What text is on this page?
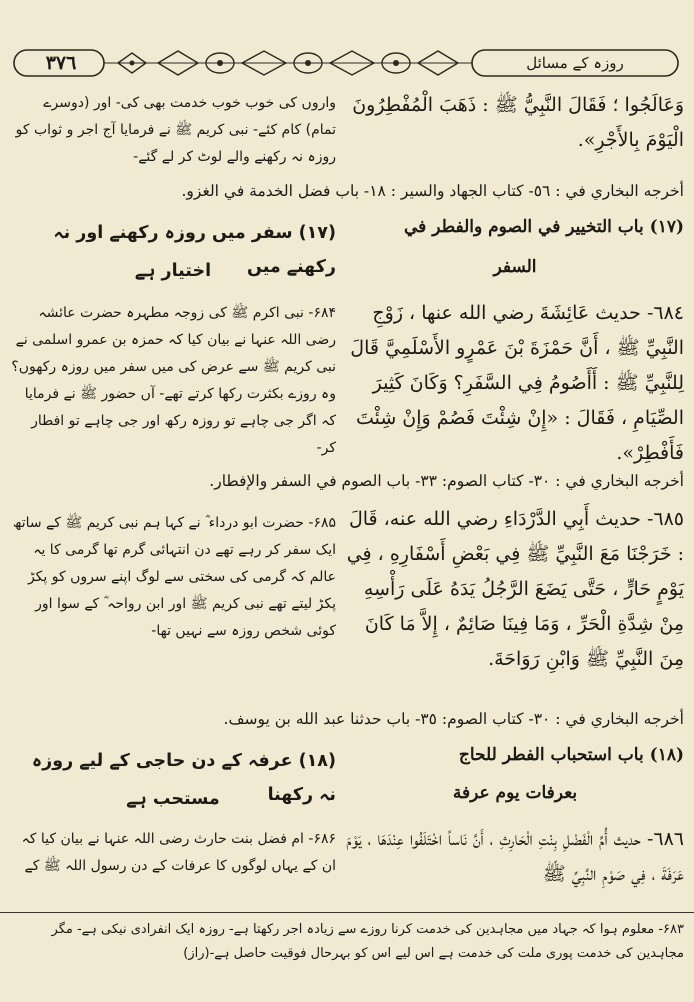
٣٧٦	روزہ کے مسائل
وَعَالَجُوا ؛ فَقَالَ النَّبِيُّ ﷺ : ذَهَبَ الْمُفْطِرُونَ الْيَوْمَ بِالأَجْرِ».
واروں کی خوب خوب خدمت بھی کی- اور (دوسرے تمام) کام کئے- نبی کریم ﷺ نے فرمایا آج اجر و ثواب کو روزہ نہ رکھنے والے لوٹ کر لے گئے-
أخرجه البخاري في : ٥٦- كتاب الجهاد والسير : ١٨- باب فضل الخدمة في الغزو.
(١٧) باب التخيير في الصوم والفطر في
السفر
(۱۷) سفر میں روزہ رکھنے اور نہ رکھنے میں
اختیار ہے
٦٨٤- حديث عَائِشَةَ رضي الله عنها ، زَوْجِ النَّبِيِّ ﷺ ، أَنَّ حَمْزَةَ بْنَ عَمْرٍو الأَسْلَمِيَّ قَالَ لِلنَّبِيِّ ﷺ : أَأَصُومُ فِي السَّفَرِ؟ وَكَانَ كَثِيرَ الصِّيَامِ ، فَقَالَ : «إِنْ شِئْتَ فَصُمْ وَإِنْ شِئْتَ فَأَفْطِرْ».
۶۸۴- نبی اکرم ﷺ کی زوجہ مطہرہ حضرت عائشہ رضی اللہ عنہا نے بیان کیا کہ حمزہ بن عمرو اسلمی نے نبی کریم ﷺ سے عرض کی میں سفر میں روزہ رکھوں؟ وہ روزے بکثرت رکھا کرتے تھے- آں حضور ﷺ نے فرمایا کہ اگر جی چاہے تو روزہ رکھ اور جی چاہے تو افطار کر-
أخرجه البخاري في : ٣٠- كتاب الصوم: ٣٣- باب الصوم في السفر والإفطار.
٦٨٥- حديث أَبِي الدَّرْدَاءِ رضي الله عنه، قَالَ : خَرَجْنَا مَعَ النَّبِيِّ ﷺ فِي بَعْضِ أَسْفَارِهِ ، فِي يَوْمٍ حَارٍّ ، حَتَّى يَضَعَ الرَّجُلُ يَدَهُ عَلَى رَأْسِهِ مِنْ شِدَّةِ الْحَرِّ ، وَمَا فِينَا صَائِمٌ ، إِلاَّ مَا كَانَ مِنَ النَّبِيِّ ﷺ وَابْنِ رَوَاحَةَ.
۶۸۵- حضرت ابو درداء ؓ نے کہا ہم نبی کریم ﷺ کے ساتھ ایک سفر کر رہے تھے دن انتہائی گرم تھا گرمی کا یہ عالم کہ گرمی کی سختی سے لوگ اپنے سروں کو پکڑ پکڑ لیتے تھے نبی کریم ﷺ اور ابن رواحہ ؓ کے سوا اور کوئی شخص روزہ سے نہیں تھا-
أخرجه البخاري في : ٣٠- كتاب الصوم: ٣٥- باب حدثنا عبد الله بن يوسف.
(١٨) باب استحباب الفطر للحاج
بعرفات يوم عرفة
(۱۸) عرفہ کے دن حاجی کے لیے روزہ نہ رکھنا
مستحب ہے
٦٨٦- حديث أُمِّ الْفَضْلِ بِنْتِ الْحَارِثِ ، أَنَّ نَاساً اخْتَلَفُوا عِنْدَهَا ، يَوْمَ عَرَفَةَ ، فِي صَوْمِ النَّبِيِّ ﷺ
۶۸۶- ام فضل بنت حارث رضی اللہ عنہا نے بیان کیا کہ ان کے یہاں لوگوں کا عرفات کے دن رسول اللہ ﷺ کے
۶۸۳- معلوم ہوا کہ جہاد میں مجاہدین کی خدمت کرنا روزے سے زیادہ اجر رکھتا ہے- روزہ ایک انفرادی نیکی ہے- مگر مجاہدین کی خدمت پوری ملت کی خدمت ہے اس لیے اس کو بہرحال فوقیت حاصل ہے-(راز)
